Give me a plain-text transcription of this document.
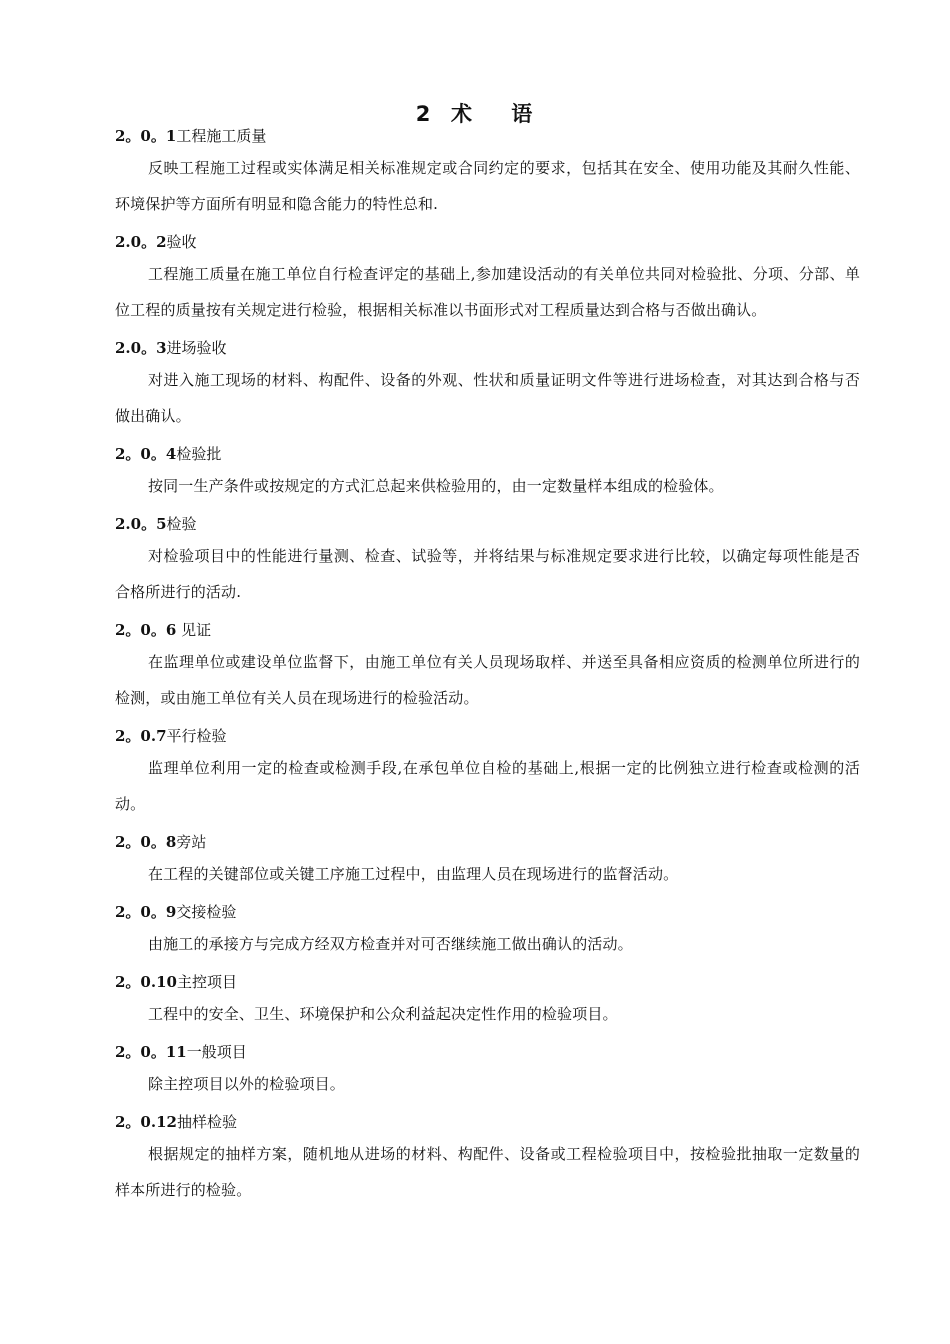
2  术    语

2。0。1工程施工质量

反映工程施工过程或实体满足相关标准规定或合同约定的要求，包括其在安全、使用功能及其耐久性能、环境保护等方面所有明显和隐含能力的特性总和.

2.0。2验收

工程施工质量在施工单位自行检查评定的基础上,参加建设活动的有关单位共同对检验批、分项、分部、单位工程的质量按有关规定进行检验，根据相关标准以书面形式对工程质量达到合格与否做出确认。

2.0。3进场验收

对进入施工现场的材料、构配件、设备的外观、性状和质量证明文件等进行进场检查，对其达到合格与否做出确认。

2。0。4检验批

按同一生产条件或按规定的方式汇总起来供检验用的，由一定数量样本组成的检验体。

2.0。5检验

对检验项目中的性能进行量测、检查、试验等，并将结果与标准规定要求进行比较，以确定每项性能是否合格所进行的活动.

2。0。6 见证

在监理单位或建设单位监督下，由施工单位有关人员现场取样、并送至具备相应资质的检测单位所进行的检测，或由施工单位有关人员在现场进行的检验活动。

2。0.7平行检验

监理单位利用一定的检查或检测手段,在承包单位自检的基础上,根据一定的比例独立进行检查或检测的活动。

2。0。8旁站

在工程的关键部位或关键工序施工过程中，由监理人员在现场进行的监督活动。

2。0。9交接检验

由施工的承接方与完成方经双方检查并对可否继续施工做出确认的活动。

2。0.10主控项目

工程中的安全、卫生、环境保护和公众利益起决定性作用的检验项目。

2。0。11一般项目

除主控项目以外的检验项目。

2。0.12抽样检验

根据规定的抽样方案，随机地从进场的材料、构配件、设备或工程检验项目中，按检验批抽取一定数量的样本所进行的检验。
